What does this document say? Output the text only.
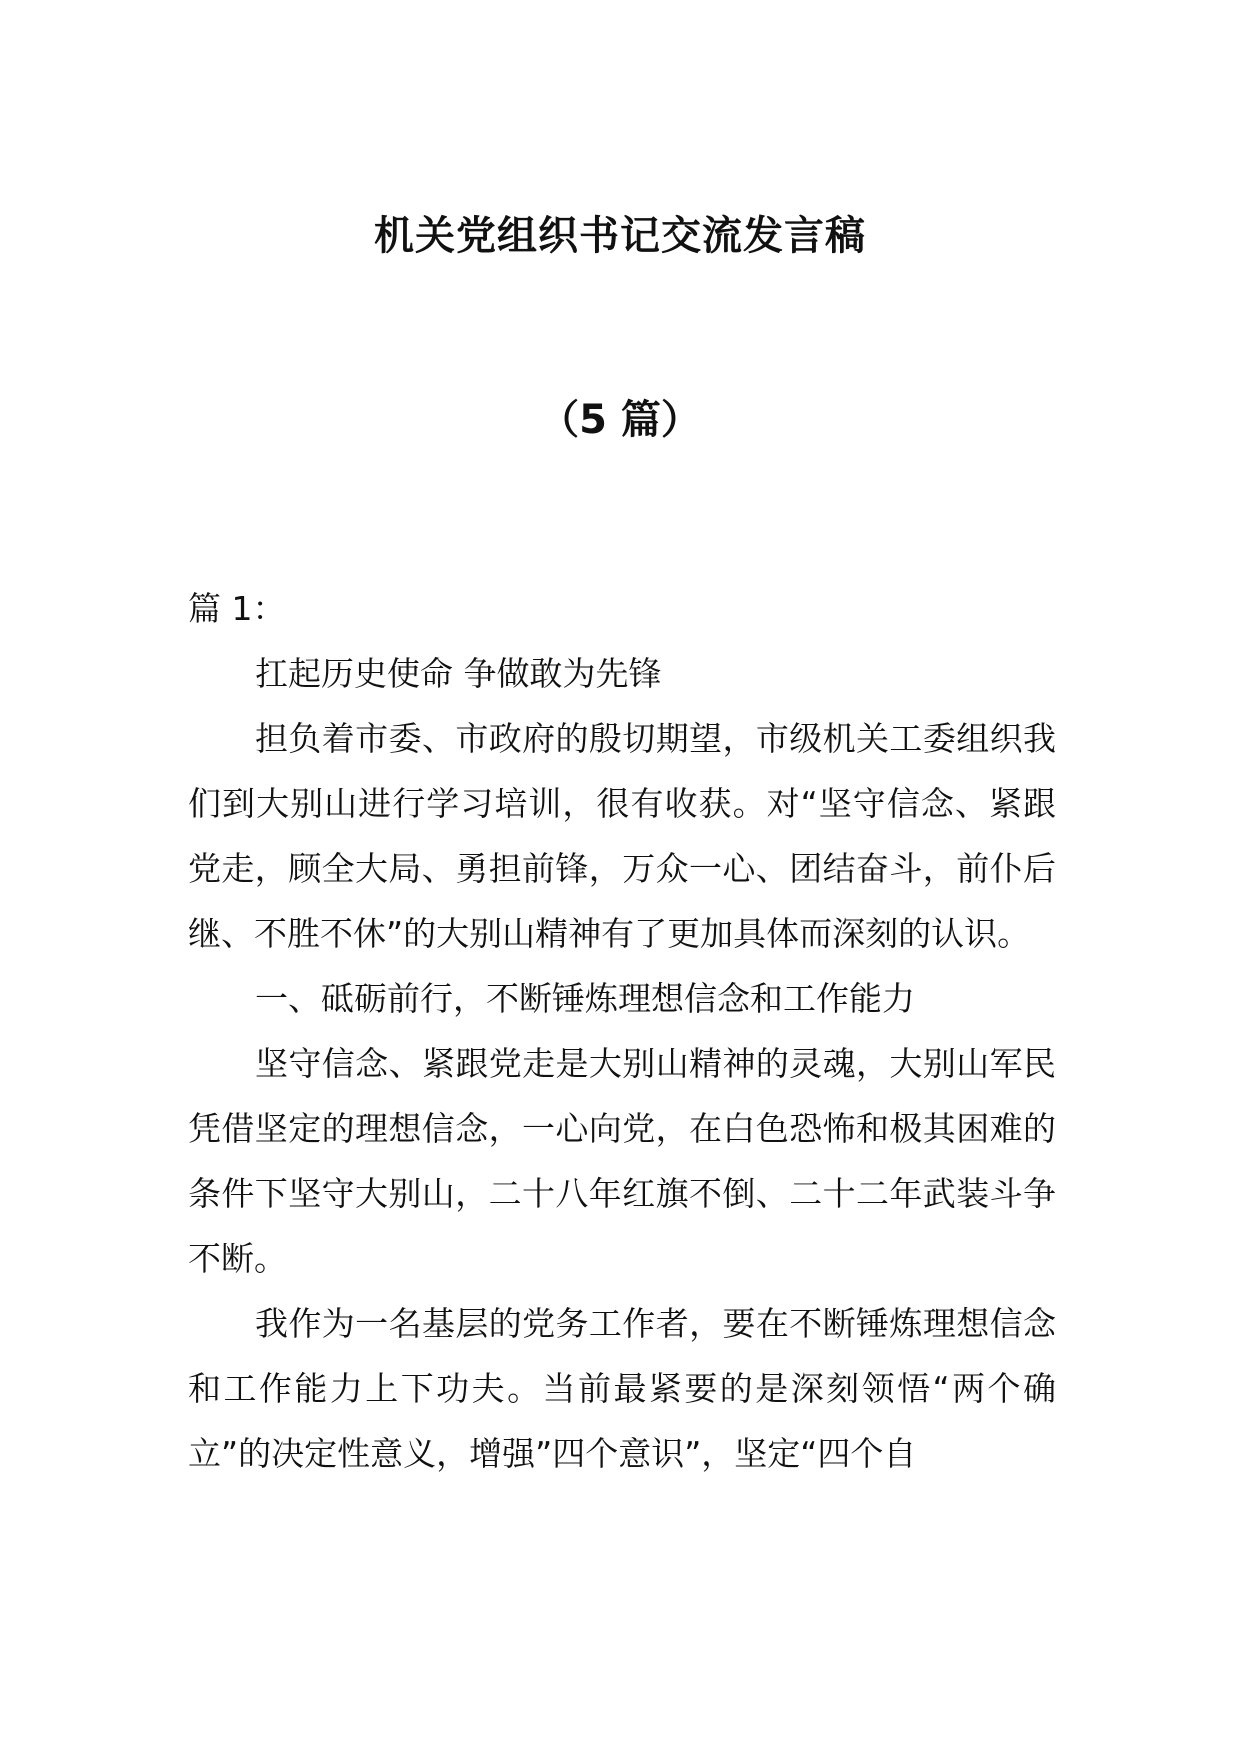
机关党组织书记交流发言稿
（5 篇）

篇 1：

扛起历史使命 争做敢为先锋

担负着市委、市政府的殷切期望，市级机关工委组织我们到大别山进行学习培训，很有收获。对“坚守信念、紧跟党走，顾全大局、勇担前锋，万众一心、团结奋斗，前仆后继、不胜不休”的大别山精神有了更加具体而深刻的认识。

一、砥砺前行，不断锤炼理想信念和工作能力

坚守信念、紧跟党走是大别山精神的灵魂，大别山军民凭借坚定的理想信念，一心向党，在白色恐怖和极其困难的条件下坚守大别山，二十八年红旗不倒、二十二年武装斗争不断。

我作为一名基层的党务工作者，要在不断锤炼理想信念和工作能力上下功夫。当前最紧要的是深刻领悟“两个确立”的决定性意义，增强”四个意识”，坚定“四个自
